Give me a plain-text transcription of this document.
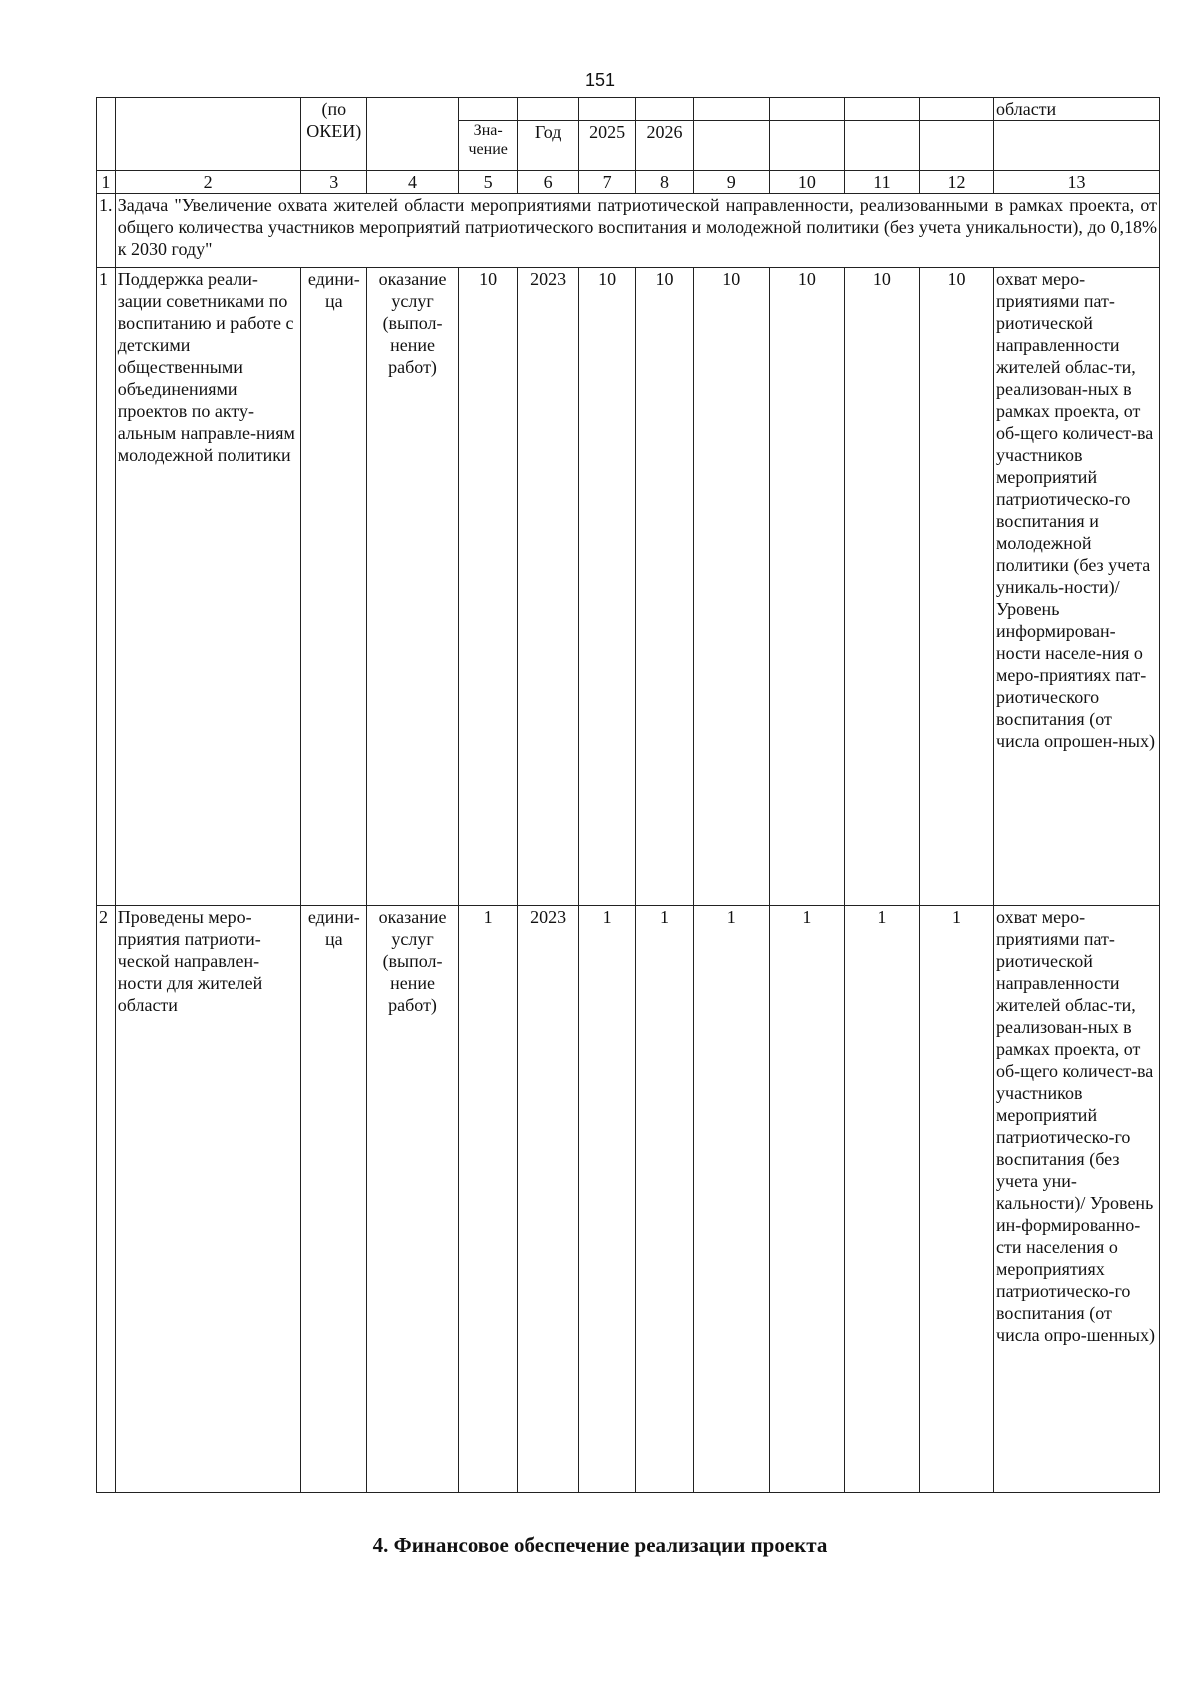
151

		(по
ОКЕИ)										области
				Зна-чение	Год	2025	2026					
1	2	3	4	5	6	7	8	9	10	11	12	13
1.	Задача "Увеличение охвата жителей области мероприятиями патриотической направленности, реализованными в рамках проекта, от общего количества участников мероприятий патриотического воспитания и молодежной политики (без учета уникальности), до 0,18% к 2030 году"											
1	Поддержка реали-зации советниками по воспитанию и работе с детскими общественными объединениями проектов по акту-альным направле-ниям молодежной политики	едини-ца	оказание услуг (выпол-нение работ)	10	2023	10	10	10	10	10	10	охват меро-приятиями пат-риотической направленности жителей облас-ти, реализован-ных в рамках проекта, от об-щего количест-ва участников мероприятий патриотическо-го воспитания и молодежной политики (без учета уникаль-ности)/ Уровень информирован-ности населе-ния о меро-приятиях пат-риотического воспитания (от числа опрошен-ных)
2	Проведены меро-приятия патриоти-ческой направлен-ности для жителей области	едини-ца	оказание услуг (выпол-нение работ)	1	2023	1	1	1	1	1	1	охват меро-приятиями пат-риотической направленности жителей облас-ти, реализован-ных в рамках проекта, от об-щего количест-ва участников мероприятий патриотическо-го воспитания (без учета уни-кальности)/ Уровень ин-формированно-сти населения о мероприятиях патриотическо-го воспитания (от числа опро-шенных)
4. Финансовое обеспечение реализации проекта
